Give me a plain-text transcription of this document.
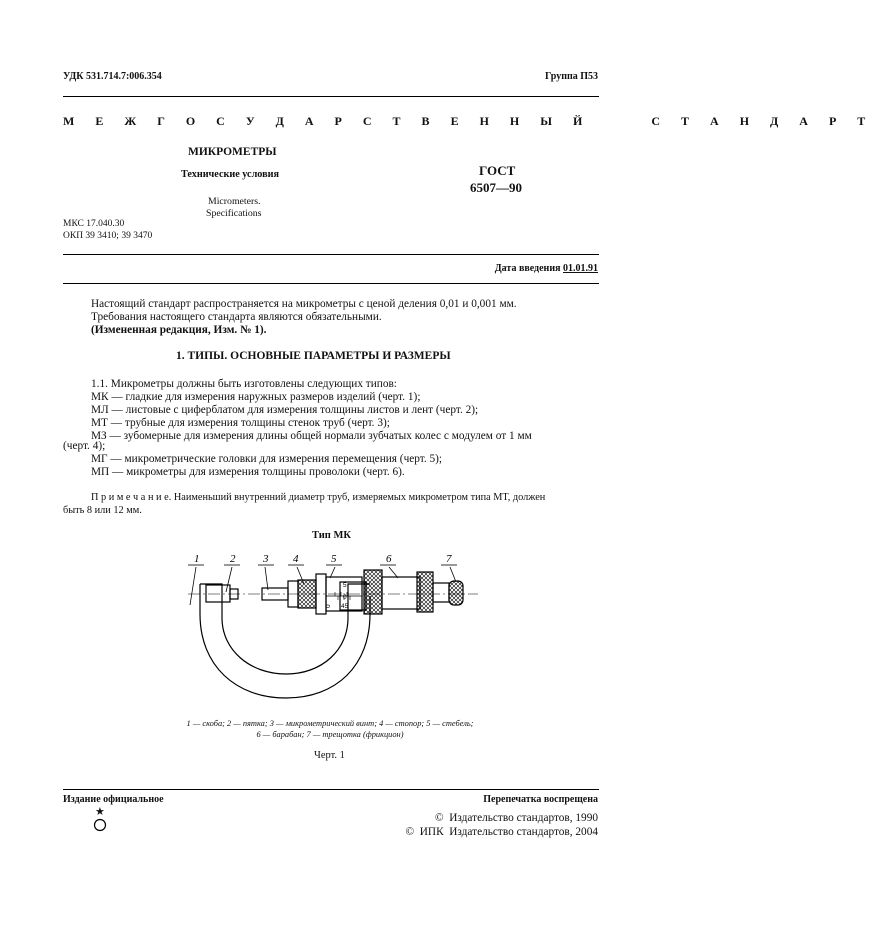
УДК 531.714.7:006.354	Группа П53
М Е Ж Г О С У Д А Р С Т В Е Н Н Ы Й     С Т А Н Д А Р Т
МИКРОМЕТРЫ
Технические условия
Micrometers.
Specifications
ГОСТ
6507—90
МКС 17.040.30
ОКП 39 3410; 39 3470
Дата введения 01.01.91
Настоящий стандарт распространяется на микрометры с ценой деления 0,01 и 0,001 мм.
Требования настоящего стандарта являются обязательными.
(Измененная редакция, Изм. № 1).
1. ТИПЫ. ОСНОВНЫЕ ПАРАМЕТРЫ И РАЗМЕРЫ
1.1. Микрометры должны быть изготовлены следующих типов:
МК — гладкие для измерения наружных размеров изделий (черт. 1);
МЛ — листовые с циферблатом для измерения толщины листов и лент (черт. 2);
МТ — трубные для измерения толщины стенок труб (черт. 3);
МЗ — зубомерные для измерения длины общей нормали зубчатых колес с модулем от 1 мм
(черт. 4);
МГ — микрометрические головки для измерения перемещения (черт. 5);
МП — микрометры для измерения толщины проволоки (черт. 6).
П р и м е ч а н и е. Наименьший внутренний диаметр труб, измеряемых микрометром типа МТ, должен
быть 8 или 12 мм.
Тип МК
1	2	3 4	5	6	7
5
0
45
0
1 — скоба; 2 — пятка; 3 — микрометрический винт; 4 — стопор; 5 — стебель;
6 — барабан; 7 — трещотка (фрикцион)
Черт. 1
Издание официальное	Перепечатка воспрещена
★	©  Издательство стандартов, 1990
©  ИПК  Издательство стандартов, 2004
